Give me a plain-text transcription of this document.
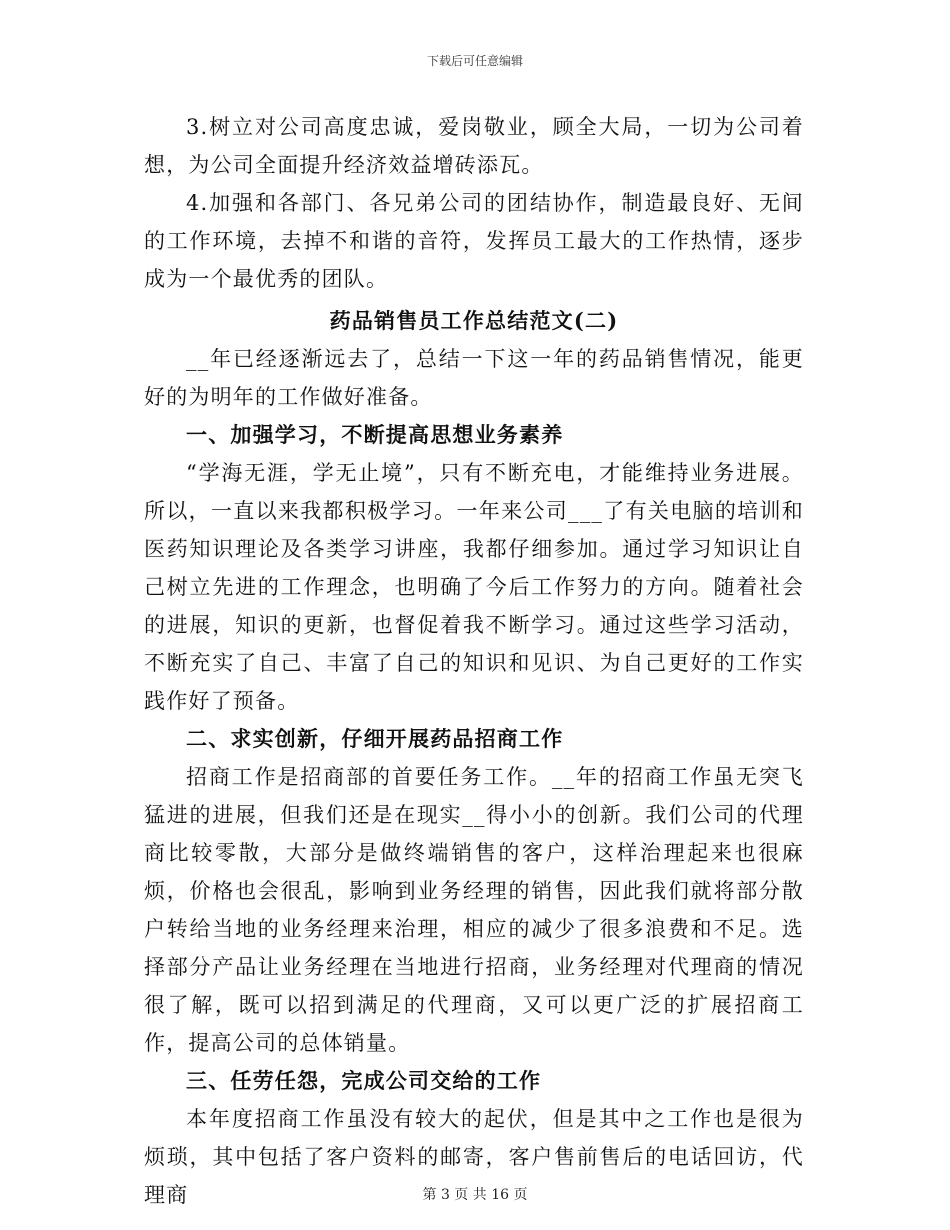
下载后可任意编辑

3.树立对公司高度忠诚，爱岗敬业，顾全大局，一切为公司着想，为公司全面提升经济效益增砖添瓦。

4.加强和各部门、各兄弟公司的团结协作，制造最良好、无间的工作环境，去掉不和谐的音符，发挥员工最大的工作热情，逐步成为一个最优秀的团队。

药品销售员工作总结范文(二)

__年已经逐渐远去了，总结一下这一年的药品销售情况，能更好的为明年的工作做好准备。

一、加强学习，不断提高思想业务素养

“学海无涯，学无止境”，只有不断充电，才能维持业务进展。所以，一直以来我都积极学习。一年来公司___了有关电脑的培训和医药知识理论及各类学习讲座，我都仔细参加。通过学习知识让自己树立先进的工作理念，也明确了今后工作努力的方向。随着社会的进展，知识的更新，也督促着我不断学习。通过这些学习活动，不断充实了自己、丰富了自己的知识和见识、为自己更好的工作实践作好了预备。

二、求实创新，仔细开展药品招商工作

招商工作是招商部的首要任务工作。__年的招商工作虽无突飞猛进的进展，但我们还是在现实__得小小的创新。我们公司的代理商比较零散，大部分是做终端销售的客户，这样治理起来也很麻烦，价格也会很乱，影响到业务经理的销售，因此我们就将部分散户转给当地的业务经理来治理，相应的减少了很多浪费和不足。选择部分产品让业务经理在当地进行招商，业务经理对代理商的情况很了解，既可以招到满足的代理商，又可以更广泛的扩展招商工作，提高公司的总体销量。

三、任劳任怨，完成公司交给的工作

本年度招商工作虽没有较大的起伏，但是其中之工作也是很为烦琐，其中包括了客户资料的邮寄，客户售前售后的电话回访，代理商	第 3 页 共 16 页
